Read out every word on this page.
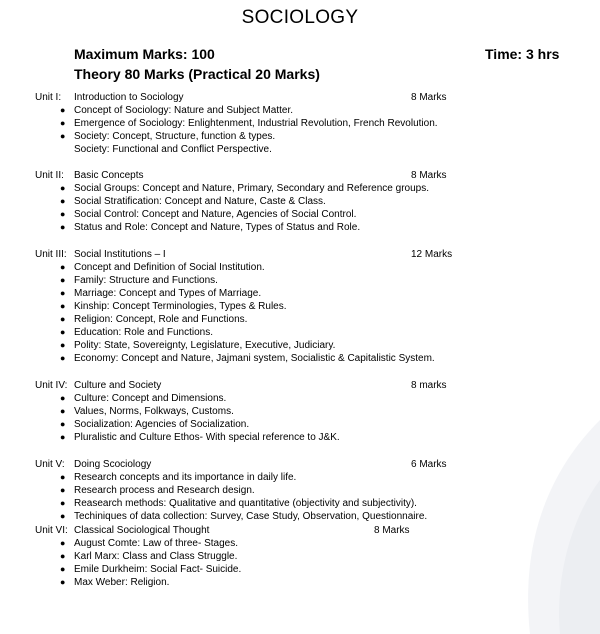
SOCIOLOGY
Maximum Marks: 100	Time: 3 hrs
Theory 80 Marks (Practical 20 Marks)
Unit I: Introduction to Sociology	8 Marks
● Concept of Sociology: Nature and Subject Matter.
● Emergence of Sociology: Enlightenment, Industrial Revolution, French Revolution.
● Society: Concept, Structure, function & types.
Society: Functional and Conflict Perspective.
Unit II: Basic Concepts	8 Marks
● Social Groups: Concept and Nature, Primary, Secondary and Reference groups.
● Social Stratification: Concept and Nature, Caste & Class.
● Social Control: Concept and Nature, Agencies of Social Control.
● Status and Role: Concept and Nature, Types of Status and Role.
Unit III: Social Institutions – I	12 Marks
● Concept and Definition of Social Institution.
● Family: Structure and Functions.
● Marriage: Concept and Types of Marriage.
● Kinship: Concept Terminologies, Types & Rules.
● Religion: Concept, Role and Functions.
● Education: Role and Functions.
● Polity: State, Sovereignty, Legislature, Executive, Judiciary.
● Economy: Concept and Nature, Jajmani system, Socialistic & Capitalistic System.
Unit IV: Culture and Society	8 marks
● Culture: Concept and Dimensions.
● Values, Norms, Folkways, Customs.
● Socialization: Agencies of Socialization.
● Pluralistic and Culture Ethos- With special reference to J&K.
Unit V: Doing Scociology	6 Marks
● Research concepts and its importance in daily life.
● Research process and Research design.
● Reasearch methods: Qualitative and quantitative (objectivity and subjectivity).
● Techiniques of data collection: Survey, Case Study, Observation, Questionnaire.
Unit VI: Classical Sociological Thought	8 Marks
● August Comte: Law of three- Stages.
● Karl Marx: Class and Class Struggle.
● Emile Durkheim: Social Fact- Suicide.
● Max Weber: Religion.
